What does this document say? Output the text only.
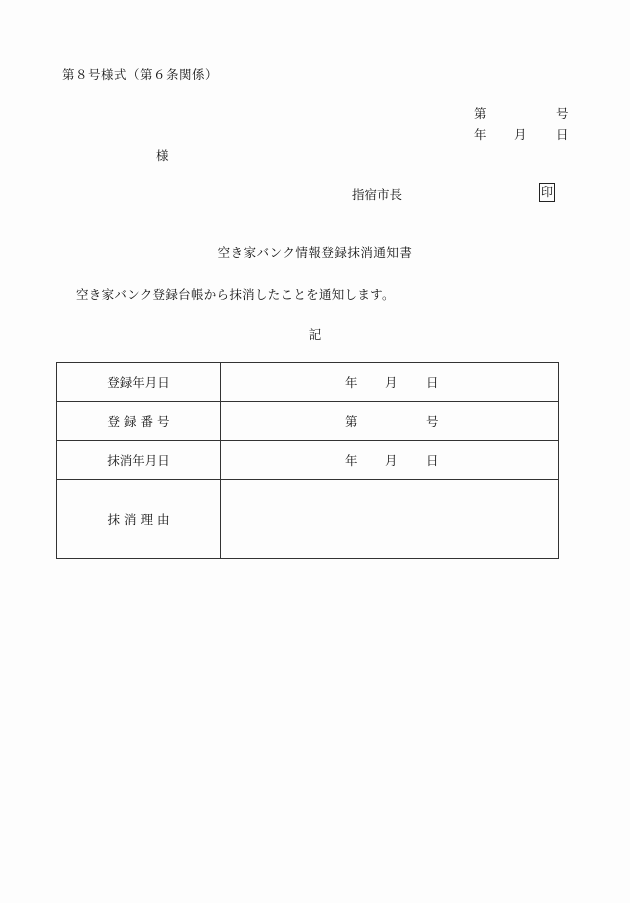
第８号様式（第６条関係）
第	号
年 月 日
様
指宿市長	印
空き家バンク情報登録抹消通知書
空き家バンク登録台帳から抹消したことを通知します。
記
登録年月日	年 月 日

登 録 番 号	第 号

抹消年月日	年 月 日

抹 消 理 由	
